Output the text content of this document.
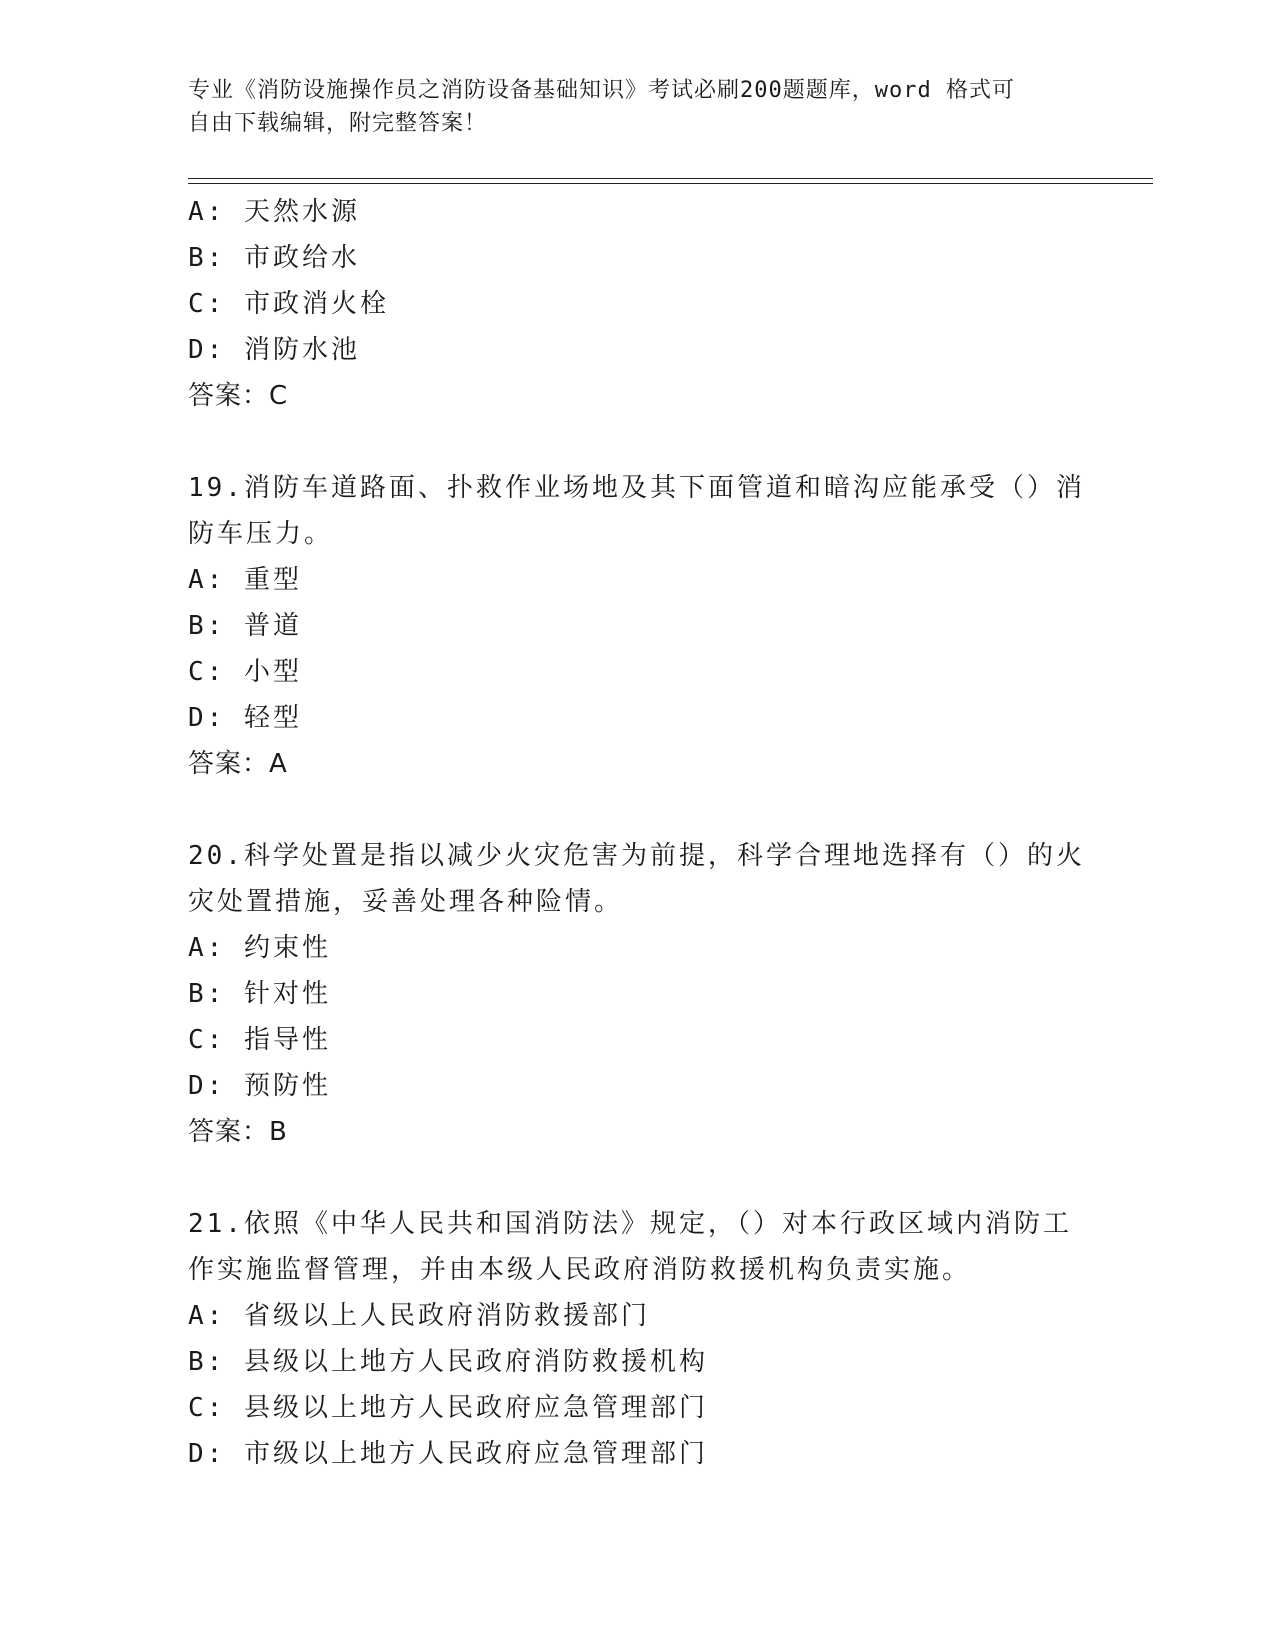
专业《消防设施操作员之消防设备基础知识》考试必刷200题题库，word 格式可
自由下载编辑，附完整答案！
A: 天然水源
B: 市政给水
C: 市政消火栓
D: 消防水池
答案：C
19.消防车道路面、扑救作业场地及其下面管道和暗沟应能承受（）消
防车压力。
A: 重型
B: 普道
C: 小型
D: 轻型
答案：A
20.科学处置是指以减少火灾危害为前提，科学合理地选择有（）的火
灾处置措施，妥善处理各种险情。
A: 约束性
B: 针对性
C: 指导性
D: 预防性
答案：B
21.依照《中华人民共和国消防法》规定，（）对本行政区域内消防工
作实施监督管理，并由本级人民政府消防救援机构负责实施。
A: 省级以上人民政府消防救援部门
B: 县级以上地方人民政府消防救援机构
C: 县级以上地方人民政府应急管理部门
D: 市级以上地方人民政府应急管理部门
